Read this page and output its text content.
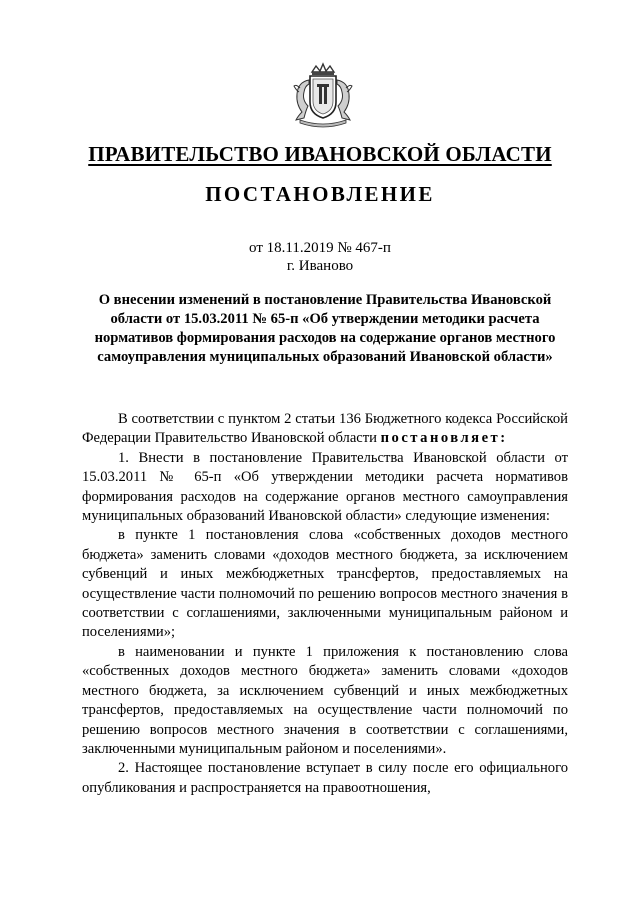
ПРАВИТЕЛЬСТВО ИВАНОВСКОЙ ОБЛАСТИ
ПОСТАНОВЛЕНИЕ
от 18.11.2019 № 467-п
г. Иваново
О внесении изменений в постановление Правительства Ивановской области от 15.03.2011 № 65-п «Об утверждении методики расчета нормативов формирования расходов на содержание органов местного самоуправления муниципальных образований Ивановской области»

В соответствии с пунктом 2 статьи 136 Бюджетного кодекса Российской Федерации Правительство Ивановской области постановляет:

1. Внести в постановление Правительства Ивановской области от 15.03.2011 № 65-п «Об утверждении методики расчета нормативов формирования расходов на содержание органов местного самоуправления муниципальных образований Ивановской области» следующие изменения:

в пункте 1 постановления слова «собственных доходов местного бюджета» заменить словами «доходов местного бюджета, за исключением субвенций и иных межбюджетных трансфертов, предоставляемых на осуществление части полномочий по решению вопросов местного значения в соответствии с соглашениями, заключенными муниципальным районом и поселениями»;

в наименовании и пункте 1 приложения к постановлению слова «собственных доходов местного бюджета» заменить словами «доходов местного бюджета, за исключением субвенций и иных межбюджетных трансфертов, предоставляемых на осуществление части полномочий по решению вопросов местного значения в соответствии с соглашениями, заключенными муниципальным районом и поселениями».

2. Настоящее постановление вступает в силу после его официального опубликования и распространяется на правоотношения,
